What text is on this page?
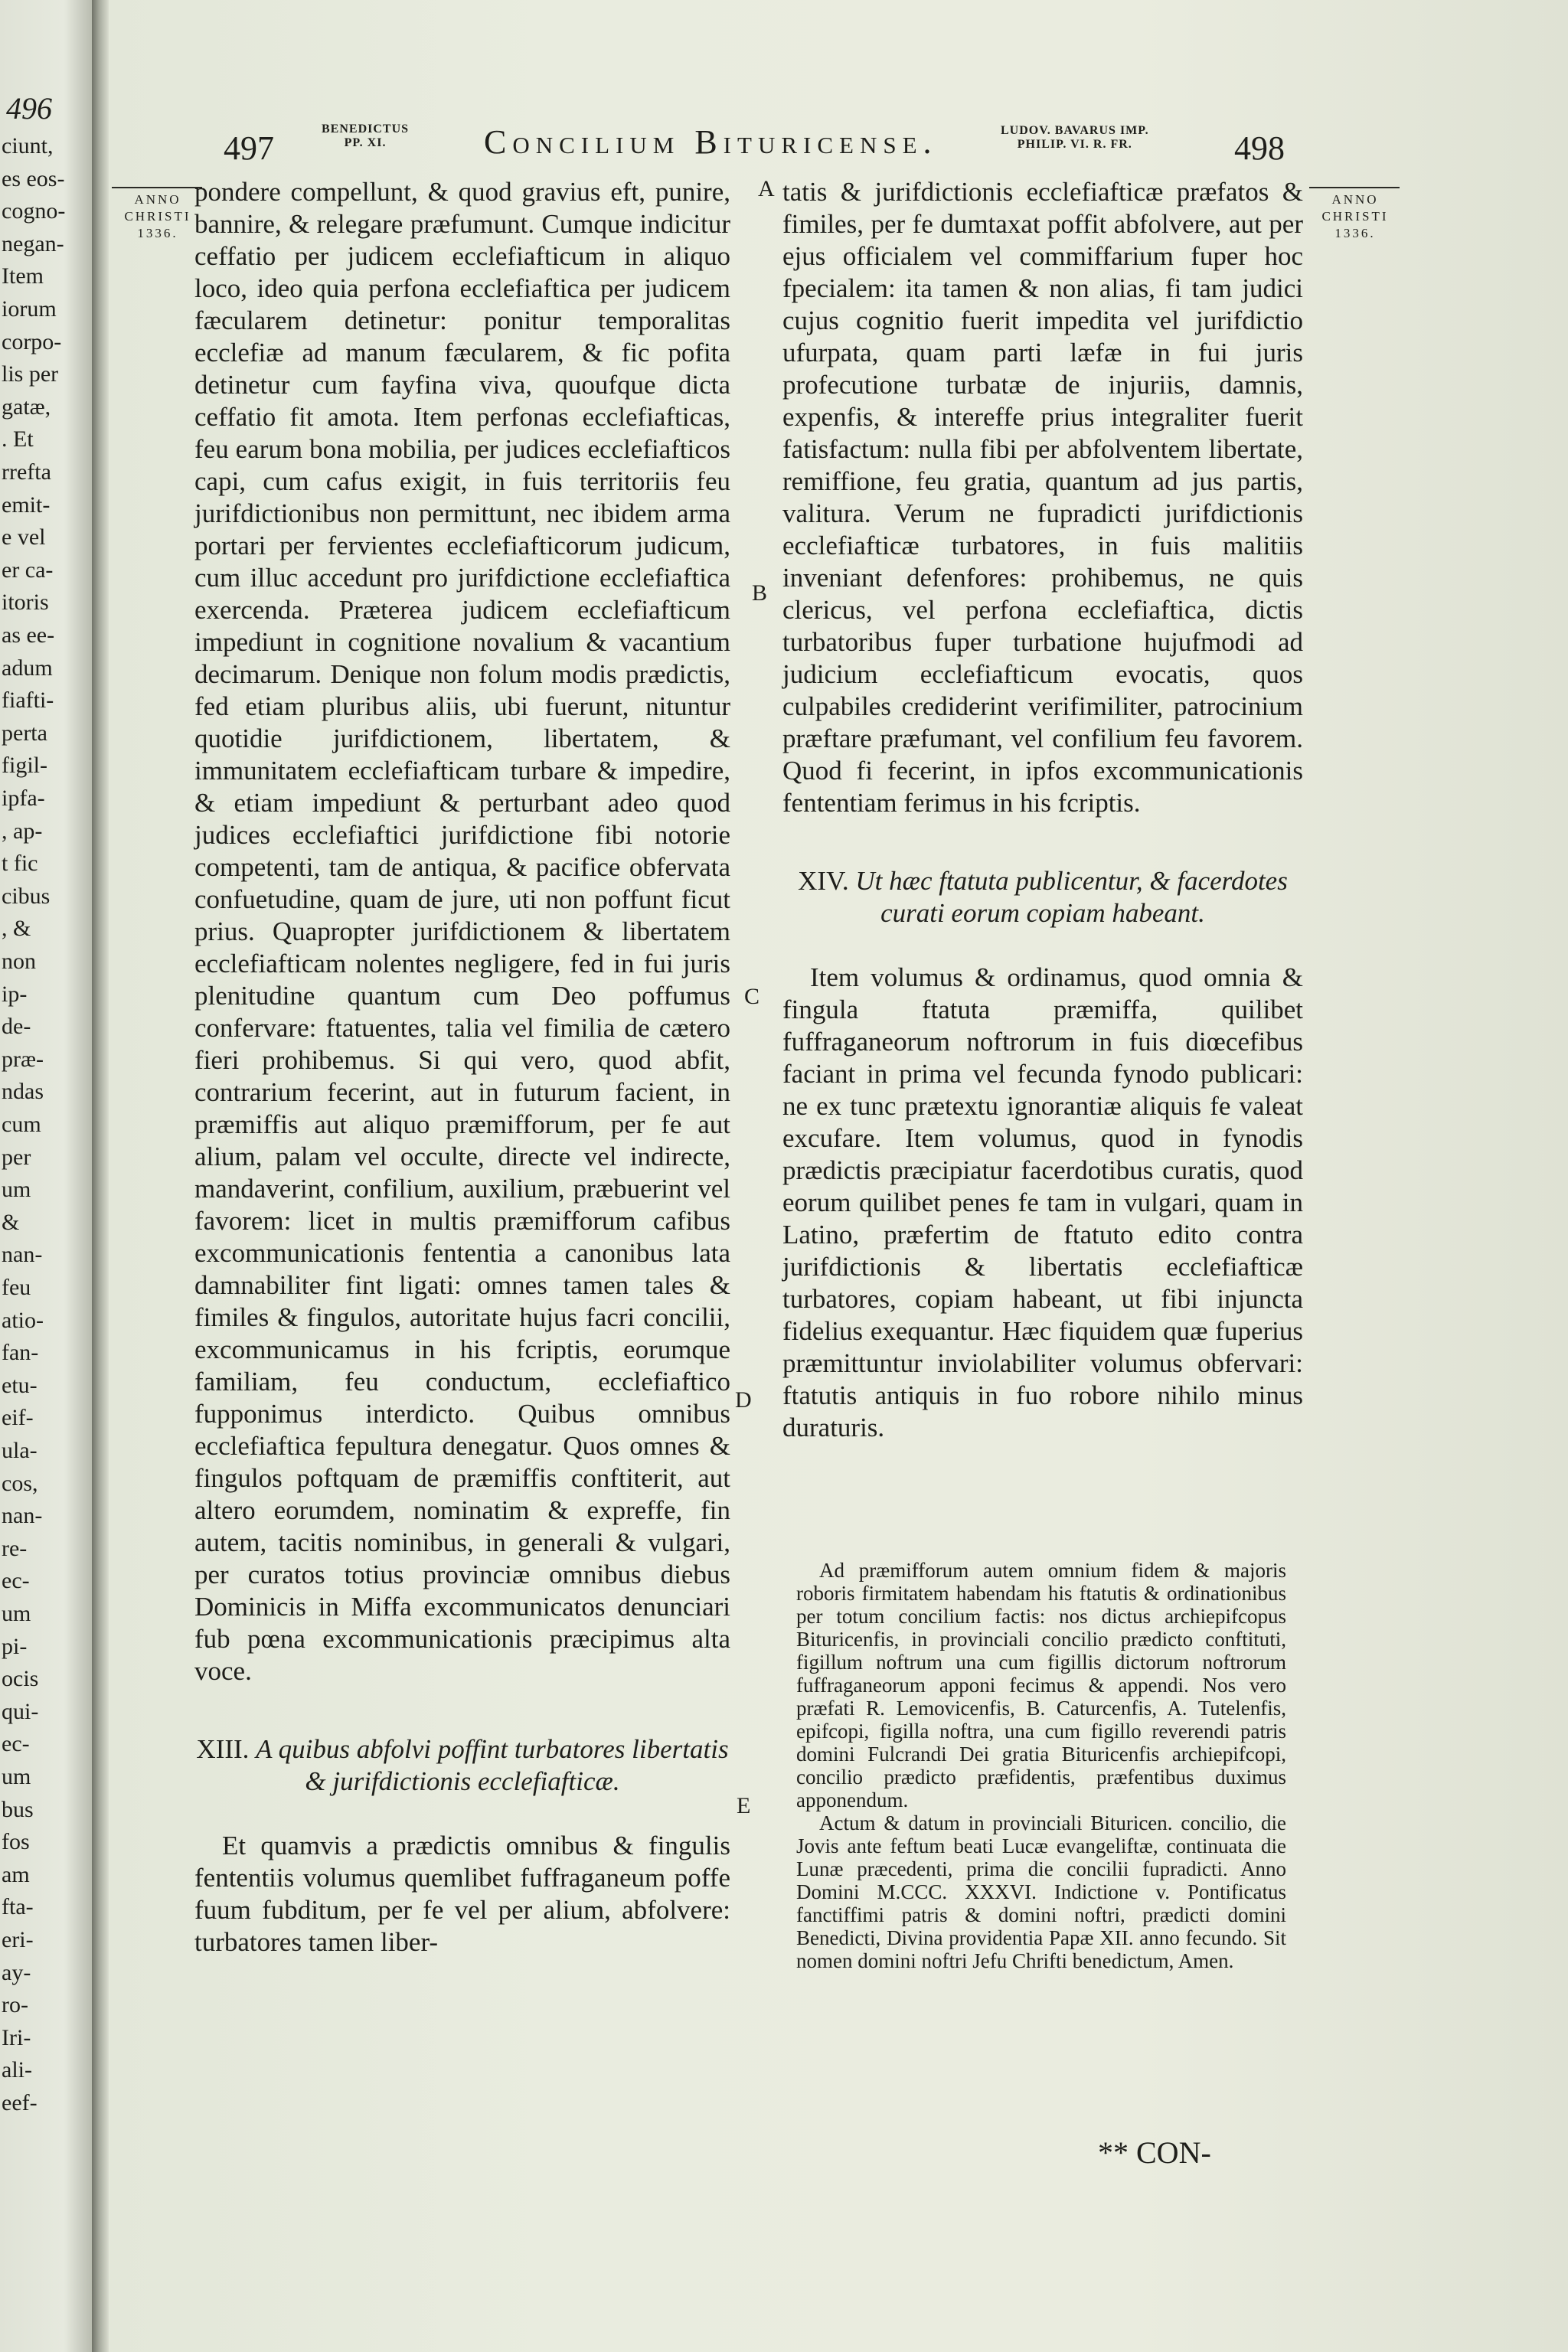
496
ciunt,
es eos-
cogno-
negan-
Item
iorum
corpo-
lis per
gatæ,
. Et
rrefta
emit-
e vel
er ca-
itoris
as ee-
adum
fiafti-
perta
figil-
ipfa-
, ap-
t fic
cibus
, &
non
ip-
de-
præ-
ndas
cum
per
um
&
nan-
feu
atio-
fan-
etu-
eif-
ula-
cos,
nan-
re-
ec-
um
pi-
ocis
qui-
ec-
um
bus
fos
am
fta-
eri-
ay-
ro-
Iri-
ali-
eef-
497
BENEDICTUS
PP. XI.	Concilium Bituricense.	LUDOV. BAVARUS IMP.
PHILIP. VI. R. FR.	498
ANNO
CHRISTI
1336.
ANNO
CHRISTI
1336.
A
B
C
D
E

pondere compellunt, & quod gravius eft, punire, bannire, & relegare præfumunt. Cumque indicitur ceffatio per judicem ecclefiafticum in aliquo loco, ideo quia perfona ecclefiaftica per judicem fæcularem detinetur: ponitur temporalitas ecclefiæ ad manum fæcularem, & fic pofita detinetur cum fayfina viva, quoufque dicta ceffatio fit amota. Item perfonas ecclefiafticas, feu earum bona mobilia, per judices ecclefiafticos capi, cum cafus exigit, in fuis territoriis feu jurifdictionibus non permittunt, nec ibidem arma portari per fervientes ecclefiafticorum judicum, cum illuc accedunt pro jurifdictione ecclefiaftica exercenda. Præterea judicem ecclefiafticum impediunt in cognitione novalium & vacantium decimarum. Denique non folum modis prædictis, fed etiam pluribus aliis, ubi fuerunt, nituntur quotidie jurifdictionem, libertatem, & immunitatem ecclefiafticam turbare & impedire, & etiam impediunt & perturbant adeo quod judices ecclefiaftici jurifdictione fibi notorie competenti, tam de antiqua, & pacifice obfervata confuetudine, quam de jure, uti non poffunt ficut prius. Quapropter jurifdictionem & libertatem ecclefiafticam nolentes negligere, fed in fui juris plenitudine quantum cum Deo poffumus confervare: ftatuentes, talia vel fimilia de cætero fieri prohibemus. Si qui vero, quod abfit, contrarium fecerint, aut in futurum facient, in præmiffis aut aliquo præmifforum, per fe aut alium, palam vel occulte, directe vel indirecte, mandaverint, confilium, auxilium, præbuerint vel favorem: licet in multis præmifforum cafibus excommunicationis fententia a canonibus lata damnabiliter fint ligati: omnes tamen tales & fimiles & fingulos, autoritate hujus facri concilii, excommunicamus in his fcriptis, eorumque familiam, feu conductum, ecclefiaftico fupponimus interdicto. Quibus omnibus ecclefiaftica fepultura denegatur. Quos omnes & fingulos poftquam de præmiffis conftiterit, aut altero eorumdem, nominatim & expreffe, fin autem, tacitis nominibus, in generali & vulgari, per curatos totius provinciæ omnibus diebus Dominicis in Miffa excommunicatos denunciari fub pœna excommunicationis præcipimus alta voce.

XIII. A quibus abfolvi poffint turbatores libertatis & jurifdictionis ecclefiafticæ.

Et quamvis a prædictis omnibus & fingulis fententiis volumus quemlibet fuffraganeum poffe fuum fubditum, per fe vel per alium, abfolvere: turbatores tamen liber-

tatis & jurifdictionis ecclefiafticæ præfatos & fimiles, per fe dumtaxat poffit abfolvere, aut per ejus officialem vel commiffarium fuper hoc fpecialem: ita tamen & non alias, fi tam judici cujus cognitio fuerit impedita vel jurifdictio ufurpata, quam parti læfæ in fui juris profecutione turbatæ de injuriis, damnis, expenfis, & intereffe prius integraliter fuerit fatisfactum: nulla fibi per abfolventem libertate, remiffione, feu gratia, quantum ad jus partis, valitura. Verum ne fupradicti jurifdictionis ecclefiafticæ turbatores, in fuis malitiis inveniant defenfores: prohibemus, ne quis clericus, vel perfona ecclefiaftica, dictis turbatoribus fuper turbatione hujufmodi ad judicium ecclefiafticum evocatis, quos culpabiles crediderint verifimiliter, patrocinium præftare præfumant, vel confilium feu favorem. Quod fi fecerint, in ipfos excommunicationis fententiam ferimus in his fcriptis.

XIV. Ut hæc ftatuta publicentur, & facerdotes curati eorum copiam habeant.

Item volumus & ordinamus, quod omnia & fingula ftatuta præmiffa, quilibet fuffraganeorum noftrorum in fuis diœcefibus faciant in prima vel fecunda fynodo publicari: ne ex tunc prætextu ignorantiæ aliquis fe valeat excufare. Item volumus, quod in fynodis prædictis præcipiatur facerdotibus curatis, quod eorum quilibet penes fe tam in vulgari, quam in Latino, præfertim de ftatuto edito contra jurifdictionis & libertatis ecclefiafticæ turbatores, copiam habeant, ut fibi injuncta fidelius exequantur. Hæc fiquidem quæ fuperius præmittuntur inviolabiliter volumus obfervari: ftatutis antiquis in fuo robore nihilo minus duraturis.

Ad præmifforum autem omnium fidem & majoris roboris firmitatem habendam his ftatutis & ordinationibus per totum concilium factis: nos dictus archiepifcopus Bituricenfis, in provinciali concilio prædicto conftituti, figillum noftrum una cum figillis dictorum noftrorum fuffraganeorum apponi fecimus & appendi. Nos vero præfati R. Lemovicenfis, B. Caturcenfis, A. Tutelenfis, epifcopi, figilla noftra, una cum figillo reverendi patris domini Fulcrandi Dei gratia Bituricenfis archiepifcopi, concilio prædicto præfidentis, præfentibus duximus apponendum.

Actum & datum in provinciali Bituricen. concilio, die Jovis ante feftum beati Lucæ evangeliftæ, continuata die Lunæ præcedenti, prima die concilii fupradicti. Anno Domini M.CCC. XXXVI. Indictione v. Pontificatus fanctiffimi patris & domini noftri, prædicti domini Benedicti, Divina providentia Papæ XII. anno fecundo. Sit nomen domini noftri Jefu Chrifti benedictum, Amen.

** CON-
